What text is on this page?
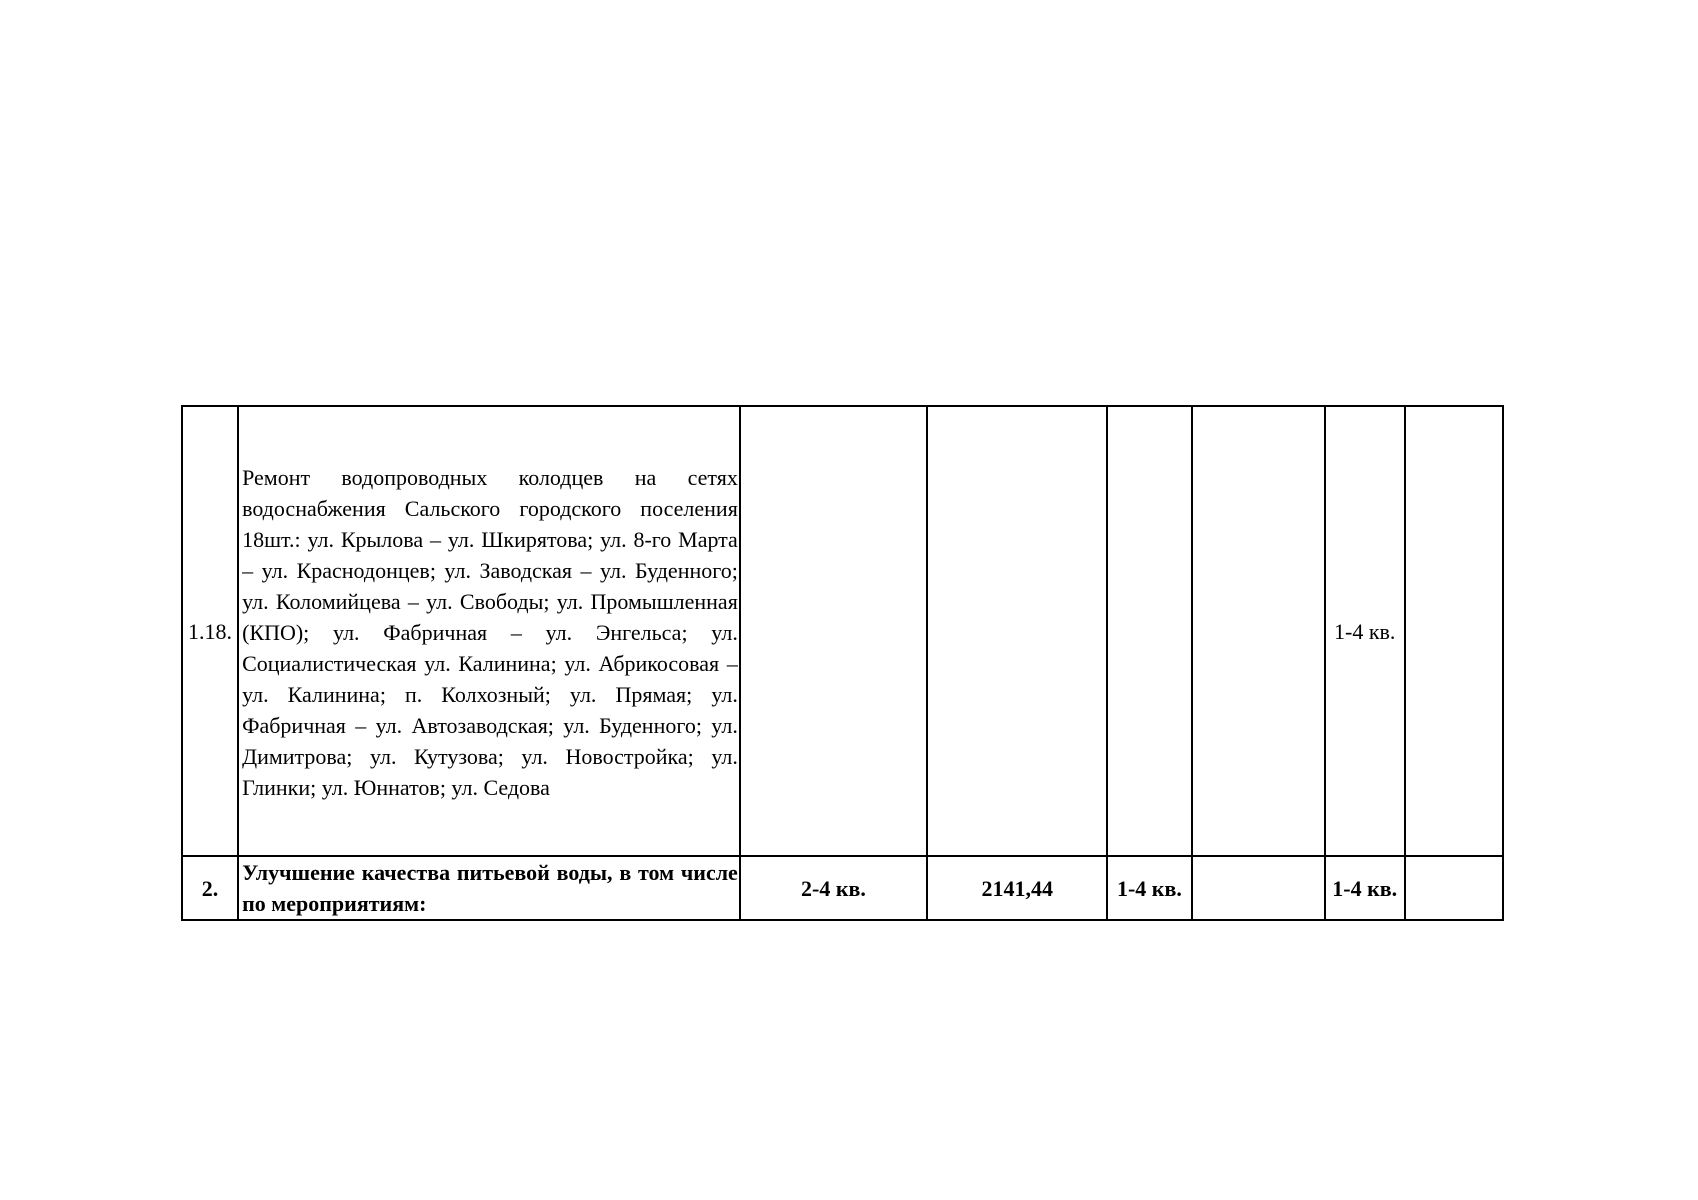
1.18.	Ремонт водопроводных колодцев на сетях водоснабжения Сальского городского поселения 18шт.: ул. Крылова – ул. Шкирятова; ул. 8-го Марта – ул. Краснодонцев; ул. Заводская – ул. Буденного; ул. Коломийцева – ул. Свободы; ул. Промышленная (КПО); ул. Фабричная – ул. Энгельса; ул. Социалистическая ул. Калинина; ул. Абрикосовая – ул. Калинина; п. Колхозный; ул. Прямая; ул. Фабричная – ул. Автозаводская; ул. Буденного; ул. Димитрова; ул. Кутузова; ул. Новостройка; ул. Глинки; ул. Юннатов; ул. Седова					1-4 кв.	
2.	Улучшение качества питьевой воды, в том числе по мероприятиям:	2-4 кв.	2141,44	1-4 кв.		1-4 кв.	
